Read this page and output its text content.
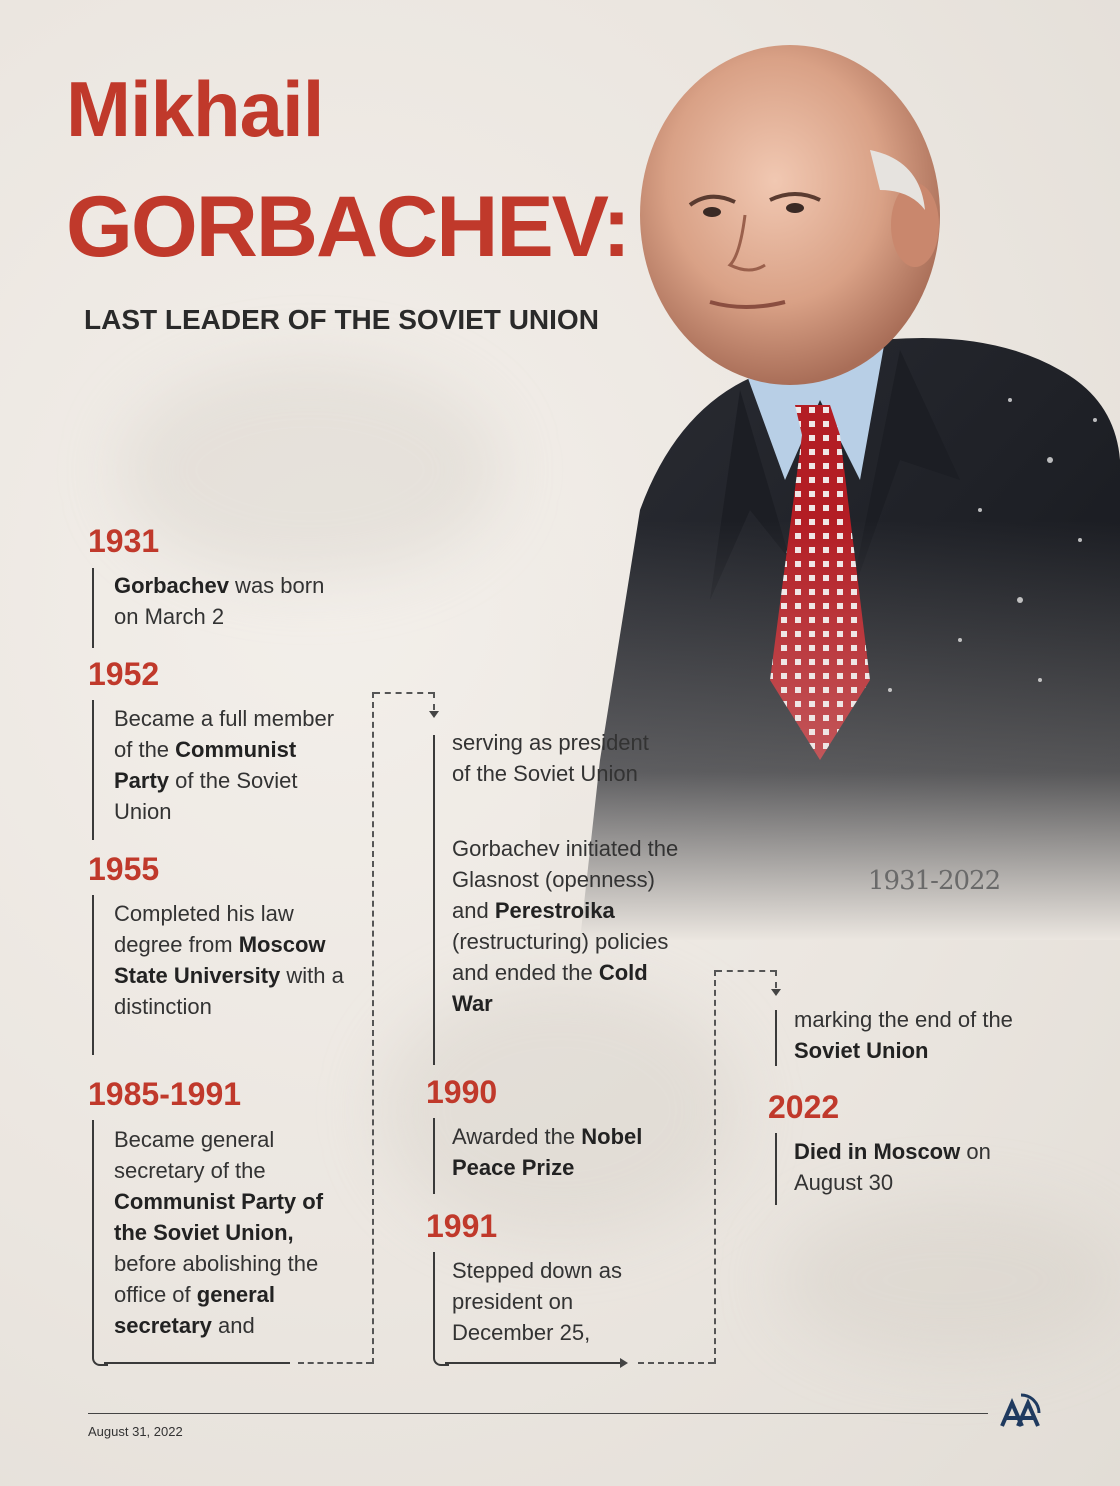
1931-2022
Mikhail
GORBACHEV:
LAST LEADER OF THE SOVIET UNION
1931
Gorbachev was born on March 2
1952
Became a full member of the Communist Party of the Soviet Union
1955
Completed his law degree from Moscow State University with a distinction
1985-1991
Became general secretary of the Communist Party of the Soviet Union, before abolishing the office of general secretary and
serving as president of the Soviet Union
Gorbachev initiated the Glasnost (openness) and Perestroika (restructuring) policies and ended the Cold War
1990
Awarded the Nobel Peace Prize
1991
Stepped down as president on December 25,
marking the end of the Soviet Union
2022
Died in Moscow on August 30
August 31, 2022
